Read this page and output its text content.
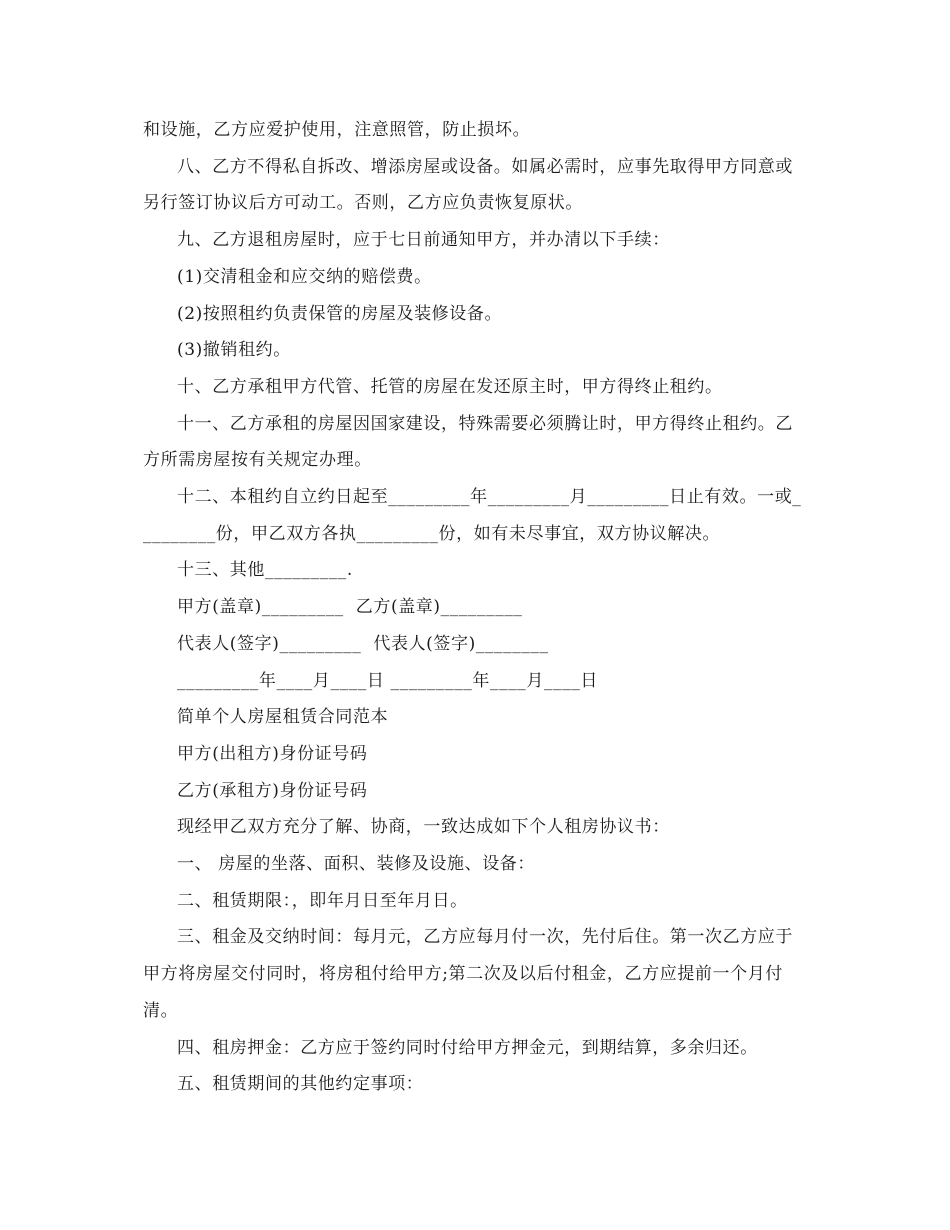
和设施，乙方应爱护使用，注意照管，防止损坏。

八、乙方不得私自拆改、增添房屋或设备。如属必需时，应事先取得甲方同意或另行签订协议后方可动工。否则，乙方应负责恢复原状。

九、乙方退租房屋时，应于七日前通知甲方，并办清以下手续：

(1)交清租金和应交纳的赔偿费。

(2)按照租约负责保管的房屋及装修设备。

(3)撤销租约。

十、乙方承租甲方代管、托管的房屋在发还原主时，甲方得终止租约。

十一、乙方承租的房屋因国家建设，特殊需要必须腾让时，甲方得终止租约。乙方所需房屋按有关规定办理。

十二、本租约自立约日起至_________年_________月_________日止有效。一或_________份，甲乙双方各执_________份，如有未尽事宜，双方协议解决。

十三、其他_________.

甲方(盖章)_________  乙方(盖章)_________

代表人(签字)_________  代表人(签字)________

_________年____月____日 _________年____月____日

简单个人房屋租赁合同范本

甲方(出租方)身份证号码

乙方(承租方)身份证号码

现经甲乙双方充分了解、协商，一致达成如下个人租房协议书：

一、 房屋的坐落、面积、装修及设施、设备：

二、租赁期限：，即年月日至年月日。

三、租金及交纳时间：每月元，乙方应每月付一次，先付后住。第一次乙方应于甲方将房屋交付同时，将房租付给甲方;第二次及以后付租金，乙方应提前一个月付清。

四、租房押金：乙方应于签约同时付给甲方押金元，到期结算，多余归还。

五、租赁期间的其他约定事项：
